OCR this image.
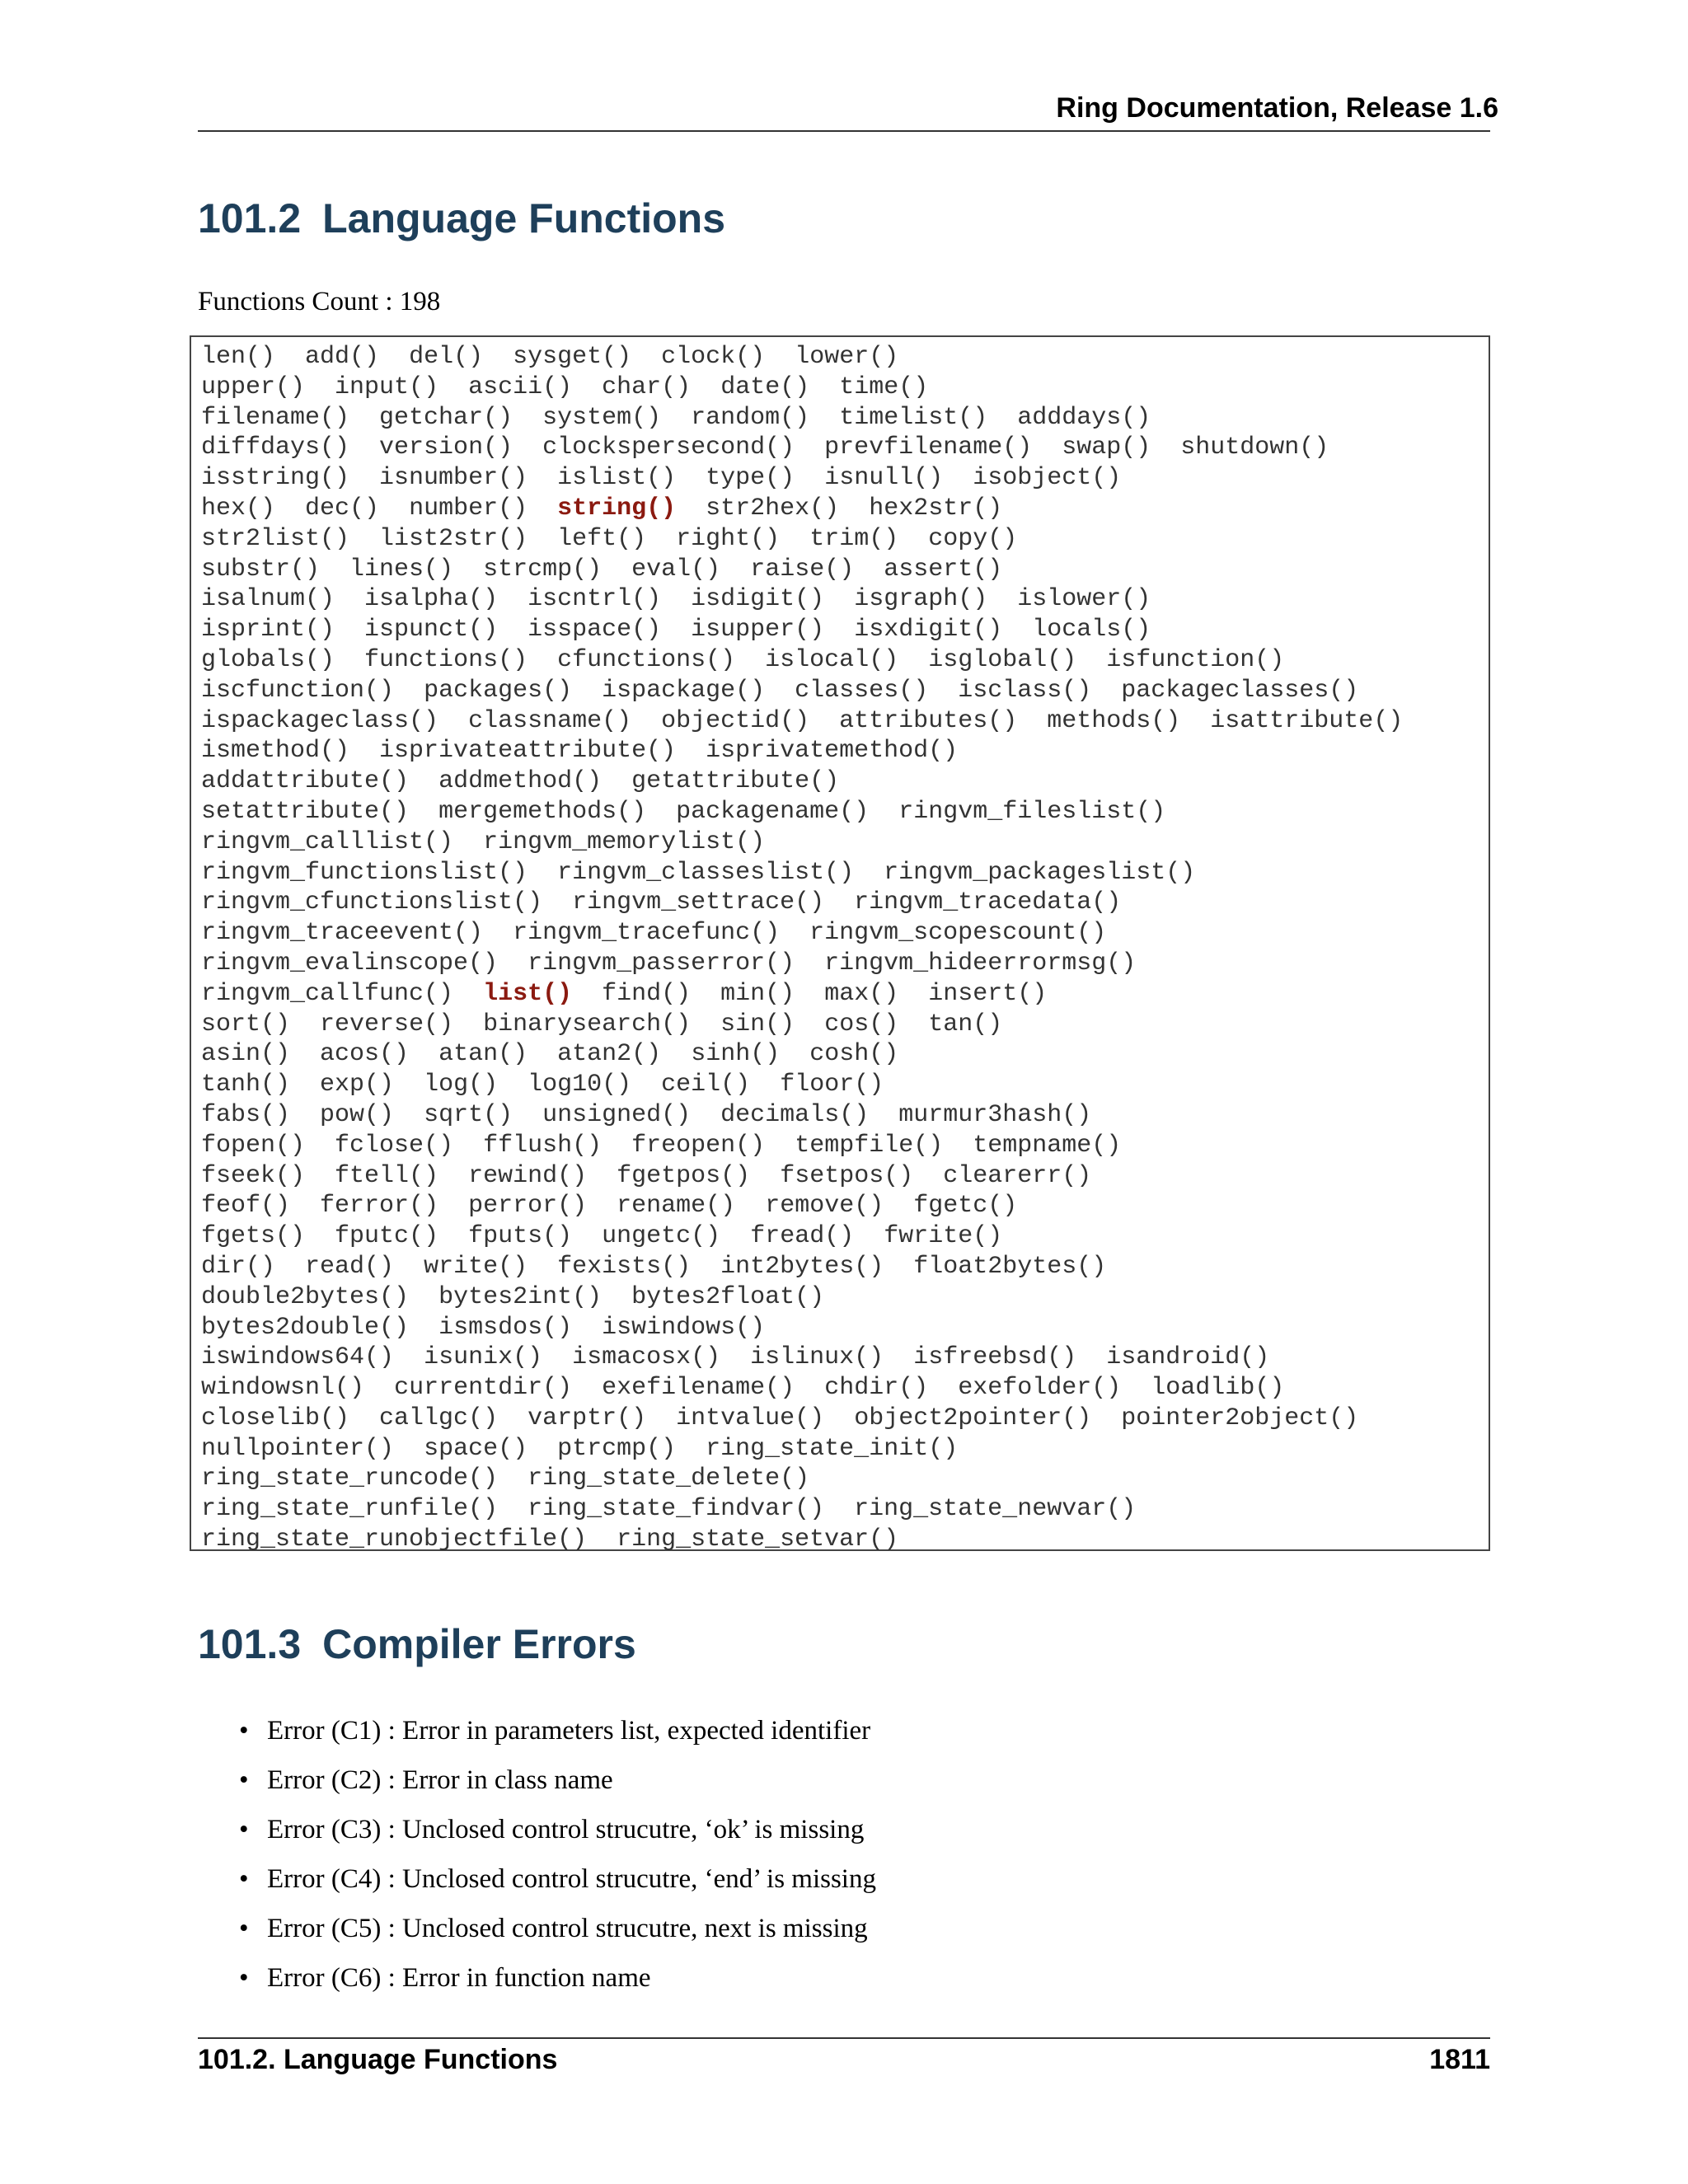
Ring Documentation, Release 1.6
101.2 Language Functions
Functions Count : 198
len() add() del() sysget() clock() lower()
upper() input() ascii() char() date() time()
filename() getchar() system() random() timelist() adddays()
diffdays() version() clockspersecond() prevfilename() swap() shutdown()
isstring() isnumber() islist() type() isnull() isobject()
hex() dec() number() string() str2hex() hex2str()
str2list() list2str() left() right() trim() copy()
substr() lines() strcmp() eval() raise() assert()
isalnum() isalpha() iscntrl() isdigit() isgraph() islower()
isprint() ispunct() isspace() isupper() isxdigit() locals()
globals() functions() cfunctions() islocal() isglobal() isfunction()
iscfunction() packages() ispackage() classes() isclass() packageclasses()
ispackageclass() classname() objectid() attributes() methods() isattribute()
ismethod() isprivateattribute() isprivatemethod()
addattribute() addmethod() getattribute()
setattribute() mergemethods() packagename() ringvm_fileslist()
ringvm_calllist() ringvm_memorylist()
ringvm_functionslist() ringvm_classeslist() ringvm_packageslist()
ringvm_cfunctionslist() ringvm_settrace() ringvm_tracedata()
ringvm_traceevent() ringvm_tracefunc() ringvm_scopescount()
ringvm_evalinscope() ringvm_passerror() ringvm_hideerrormsg()
ringvm_callfunc() list() find() min() max() insert()
sort() reverse() binarysearch() sin() cos() tan()
asin() acos() atan() atan2() sinh() cosh()
tanh() exp() log() log10() ceil() floor()
fabs() pow() sqrt() unsigned() decimals() murmur3hash()
fopen() fclose() fflush() freopen() tempfile() tempname()
fseek() ftell() rewind() fgetpos() fsetpos() clearerr()
feof() ferror() perror() rename() remove() fgetc()
fgets() fputc() fputs() ungetc() fread() fwrite()
dir() read() write() fexists() int2bytes() float2bytes()
double2bytes() bytes2int() bytes2float()
bytes2double() ismsdos() iswindows()
iswindows64() isunix() ismacosx() islinux() isfreebsd() isandroid()
windowsnl() currentdir() exefilename() chdir() exefolder() loadlib()
closelib() callgc() varptr() intvalue() object2pointer() pointer2object()
nullpointer() space() ptrcmp() ring_state_init()
ring_state_runcode() ring_state_delete()
ring_state_runfile() ring_state_findvar() ring_state_newvar()
ring_state_runobjectfile() ring_state_setvar()
101.3 Compiler Errors
• Error (C1) : Error in parameters list, expected identifier
• Error (C2) : Error in class name
• Error (C3) : Unclosed control strucutre, ‘ok’ is missing
• Error (C4) : Unclosed control strucutre, ‘end’ is missing
• Error (C5) : Unclosed control strucutre, next is missing
• Error (C6) : Error in function name
101.2. Language Functions	1811
